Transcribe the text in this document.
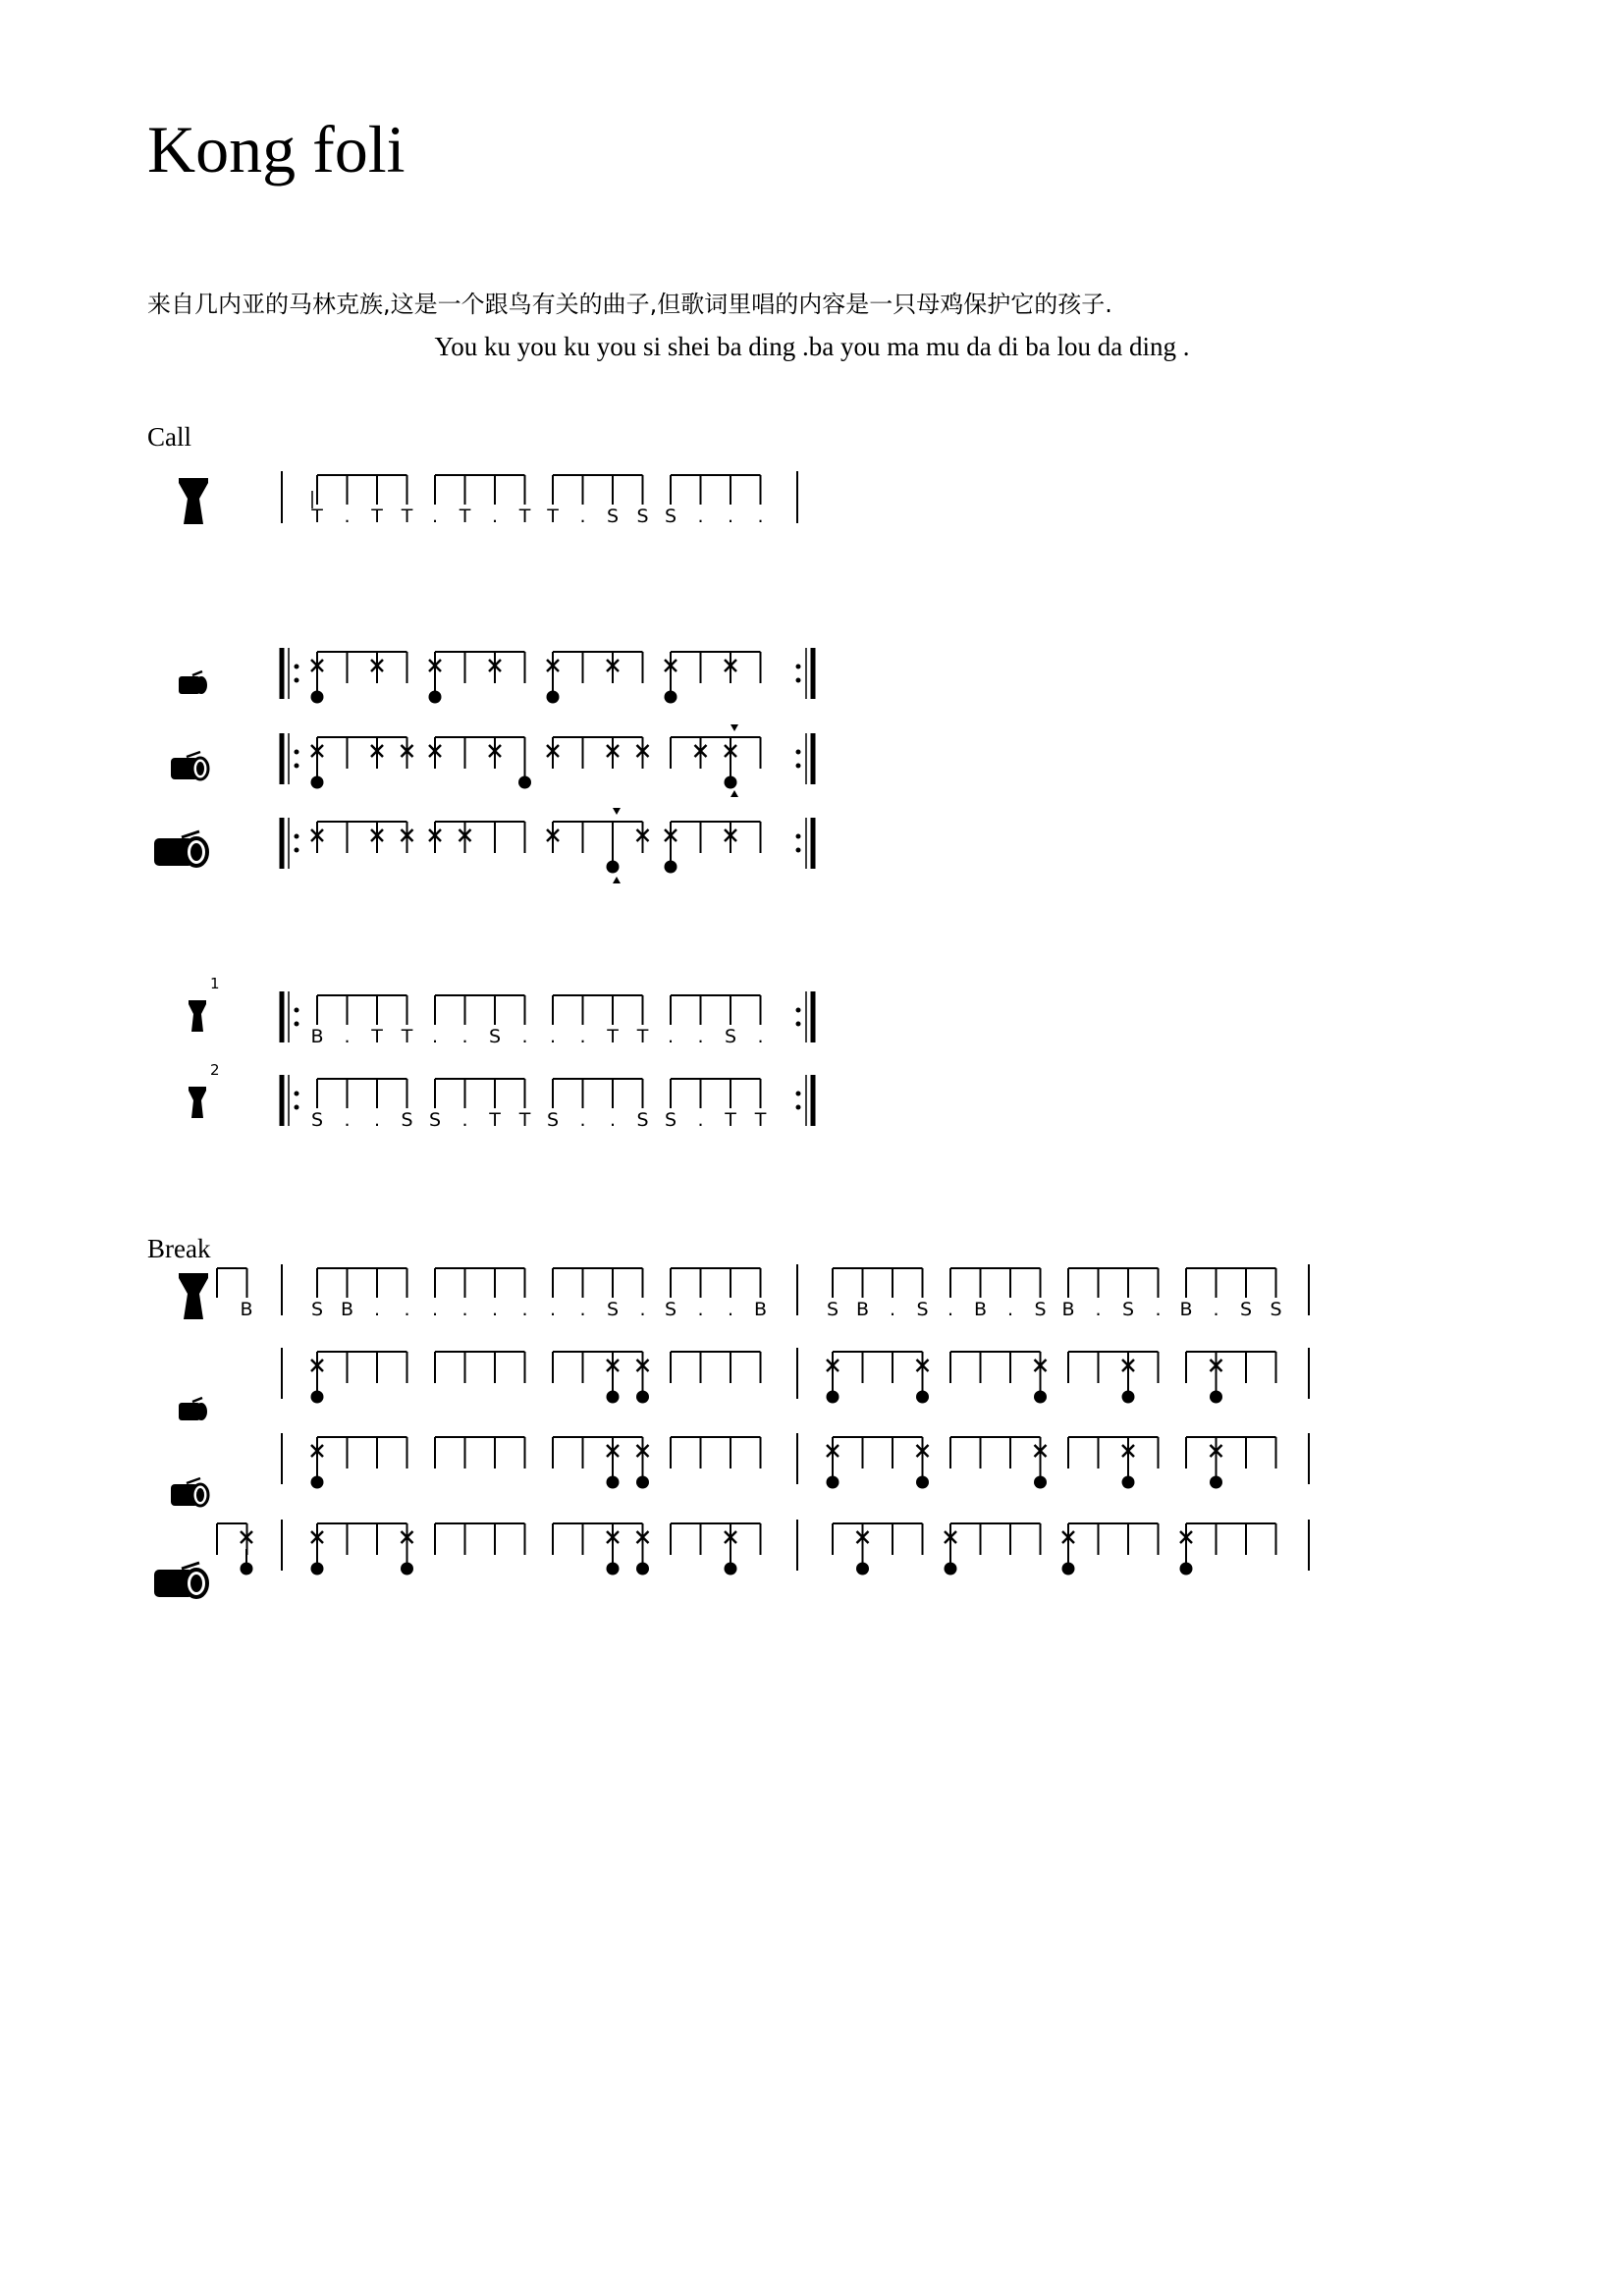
Kong foli
来自几内亚的马林克族,这是一个跟鸟有关的曲子,但歌词里唱的内容是一只母鸡保护它的孩子.
You ku you ku you si shei ba ding .ba you ma mu da di ba lou da ding .
Call
Break
1
2
T . T T . T . T T . S S S . . .
B . T T . . S . . . T T . . S .
S . . S S . T T S . . S S . T T
B	S B . . . . . . . . S . S . . B	S B . S . B . S B . S . B . S S
